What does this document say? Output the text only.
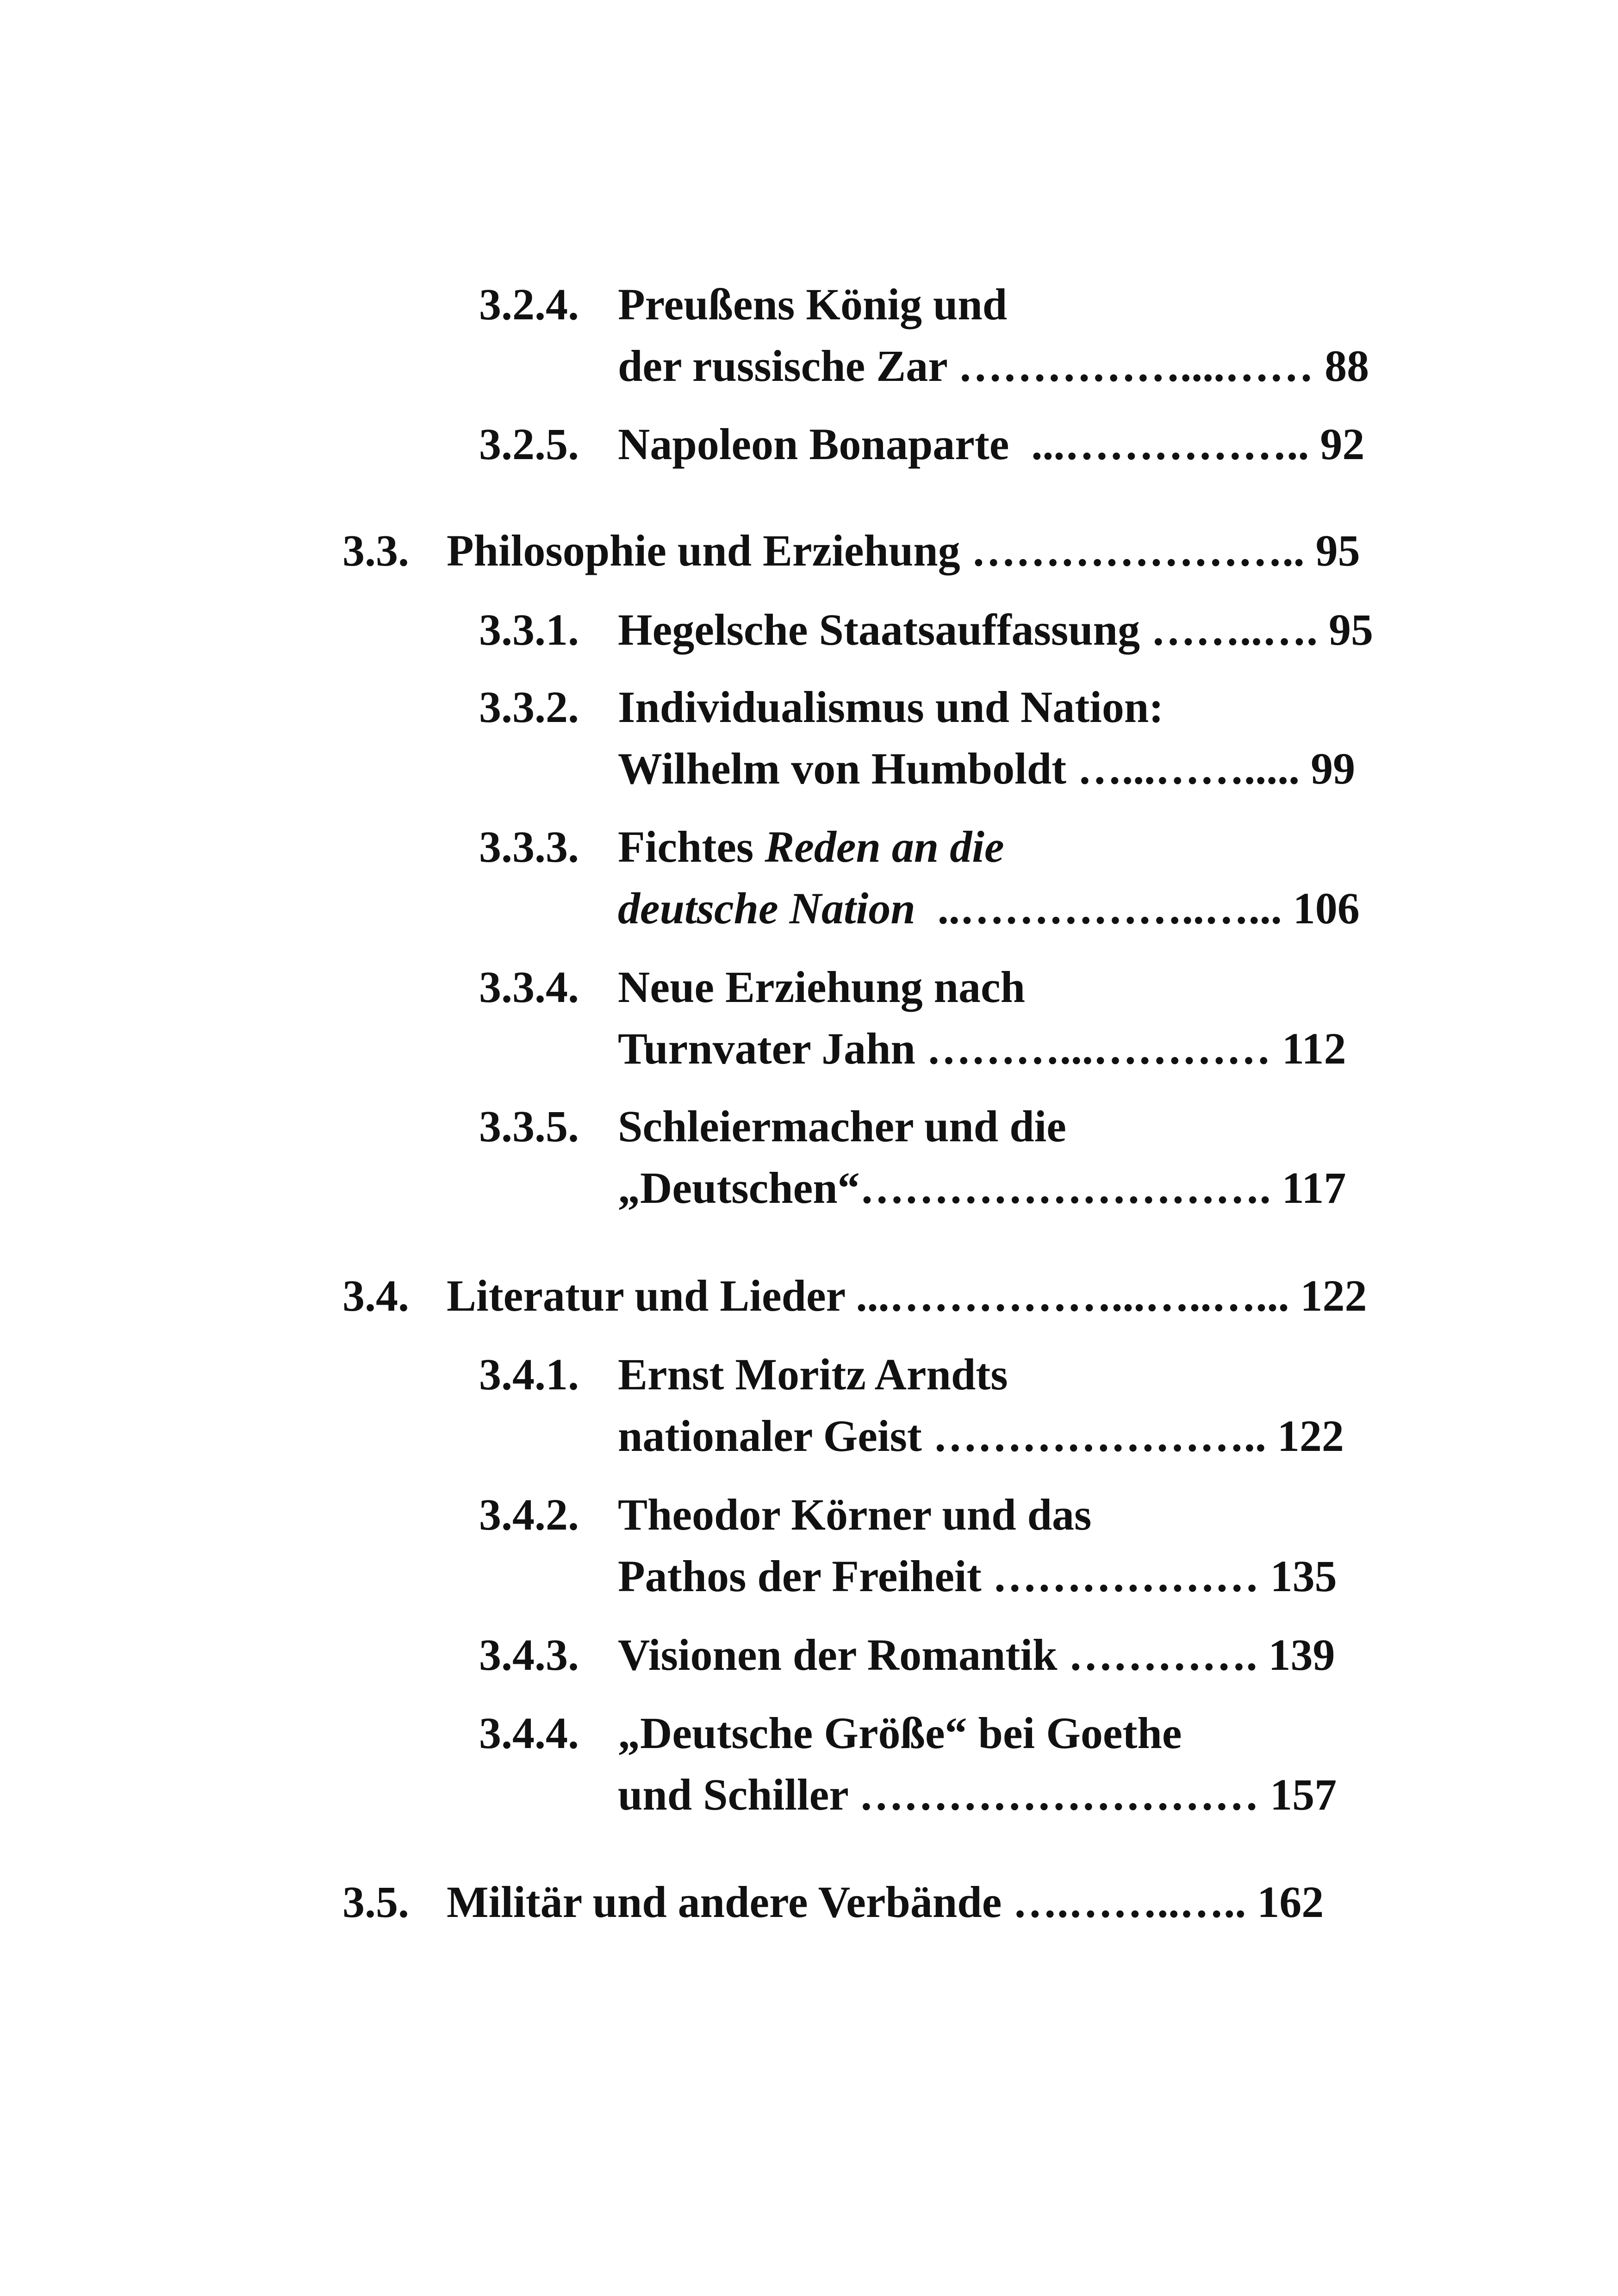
3.2.4. Preußens König und
der russische Zar ……………....…… 88
3.2.5. Napoleon Bonaparte  ...…………….. 92
3.3. Philosophie und Erziehung ………………….. 95
3.3.1. Hegelsche Staatsauffassung ……..…. 95
3.3.2. Individualismus und Nation:
Wilhelm von Humboldt …...……..... 99
3.3.3. Fichtes Reden an die
deutsche Nation  ..……………..…... 106
3.3.4. Neue Erziehung nach
Turnvater Jahn ………...………… 112
3.3.5. Schleiermacher und die
„Deutschen“………………………. 117
3.4. Literatur und Lieder ...……………...…..…... 122
3.4.1. Ernst Moritz Arndts
nationaler Geist ………………….. 122
3.4.2. Theodor Körner und das
Pathos der Freiheit ……………… 135
3.4.3. Visionen der Romantik …………. 139
3.4.4. „Deutsche Größe“ bei Goethe
und Schiller ……………………… 157
3.5. Militär und andere Verbände ….……..….. 162
